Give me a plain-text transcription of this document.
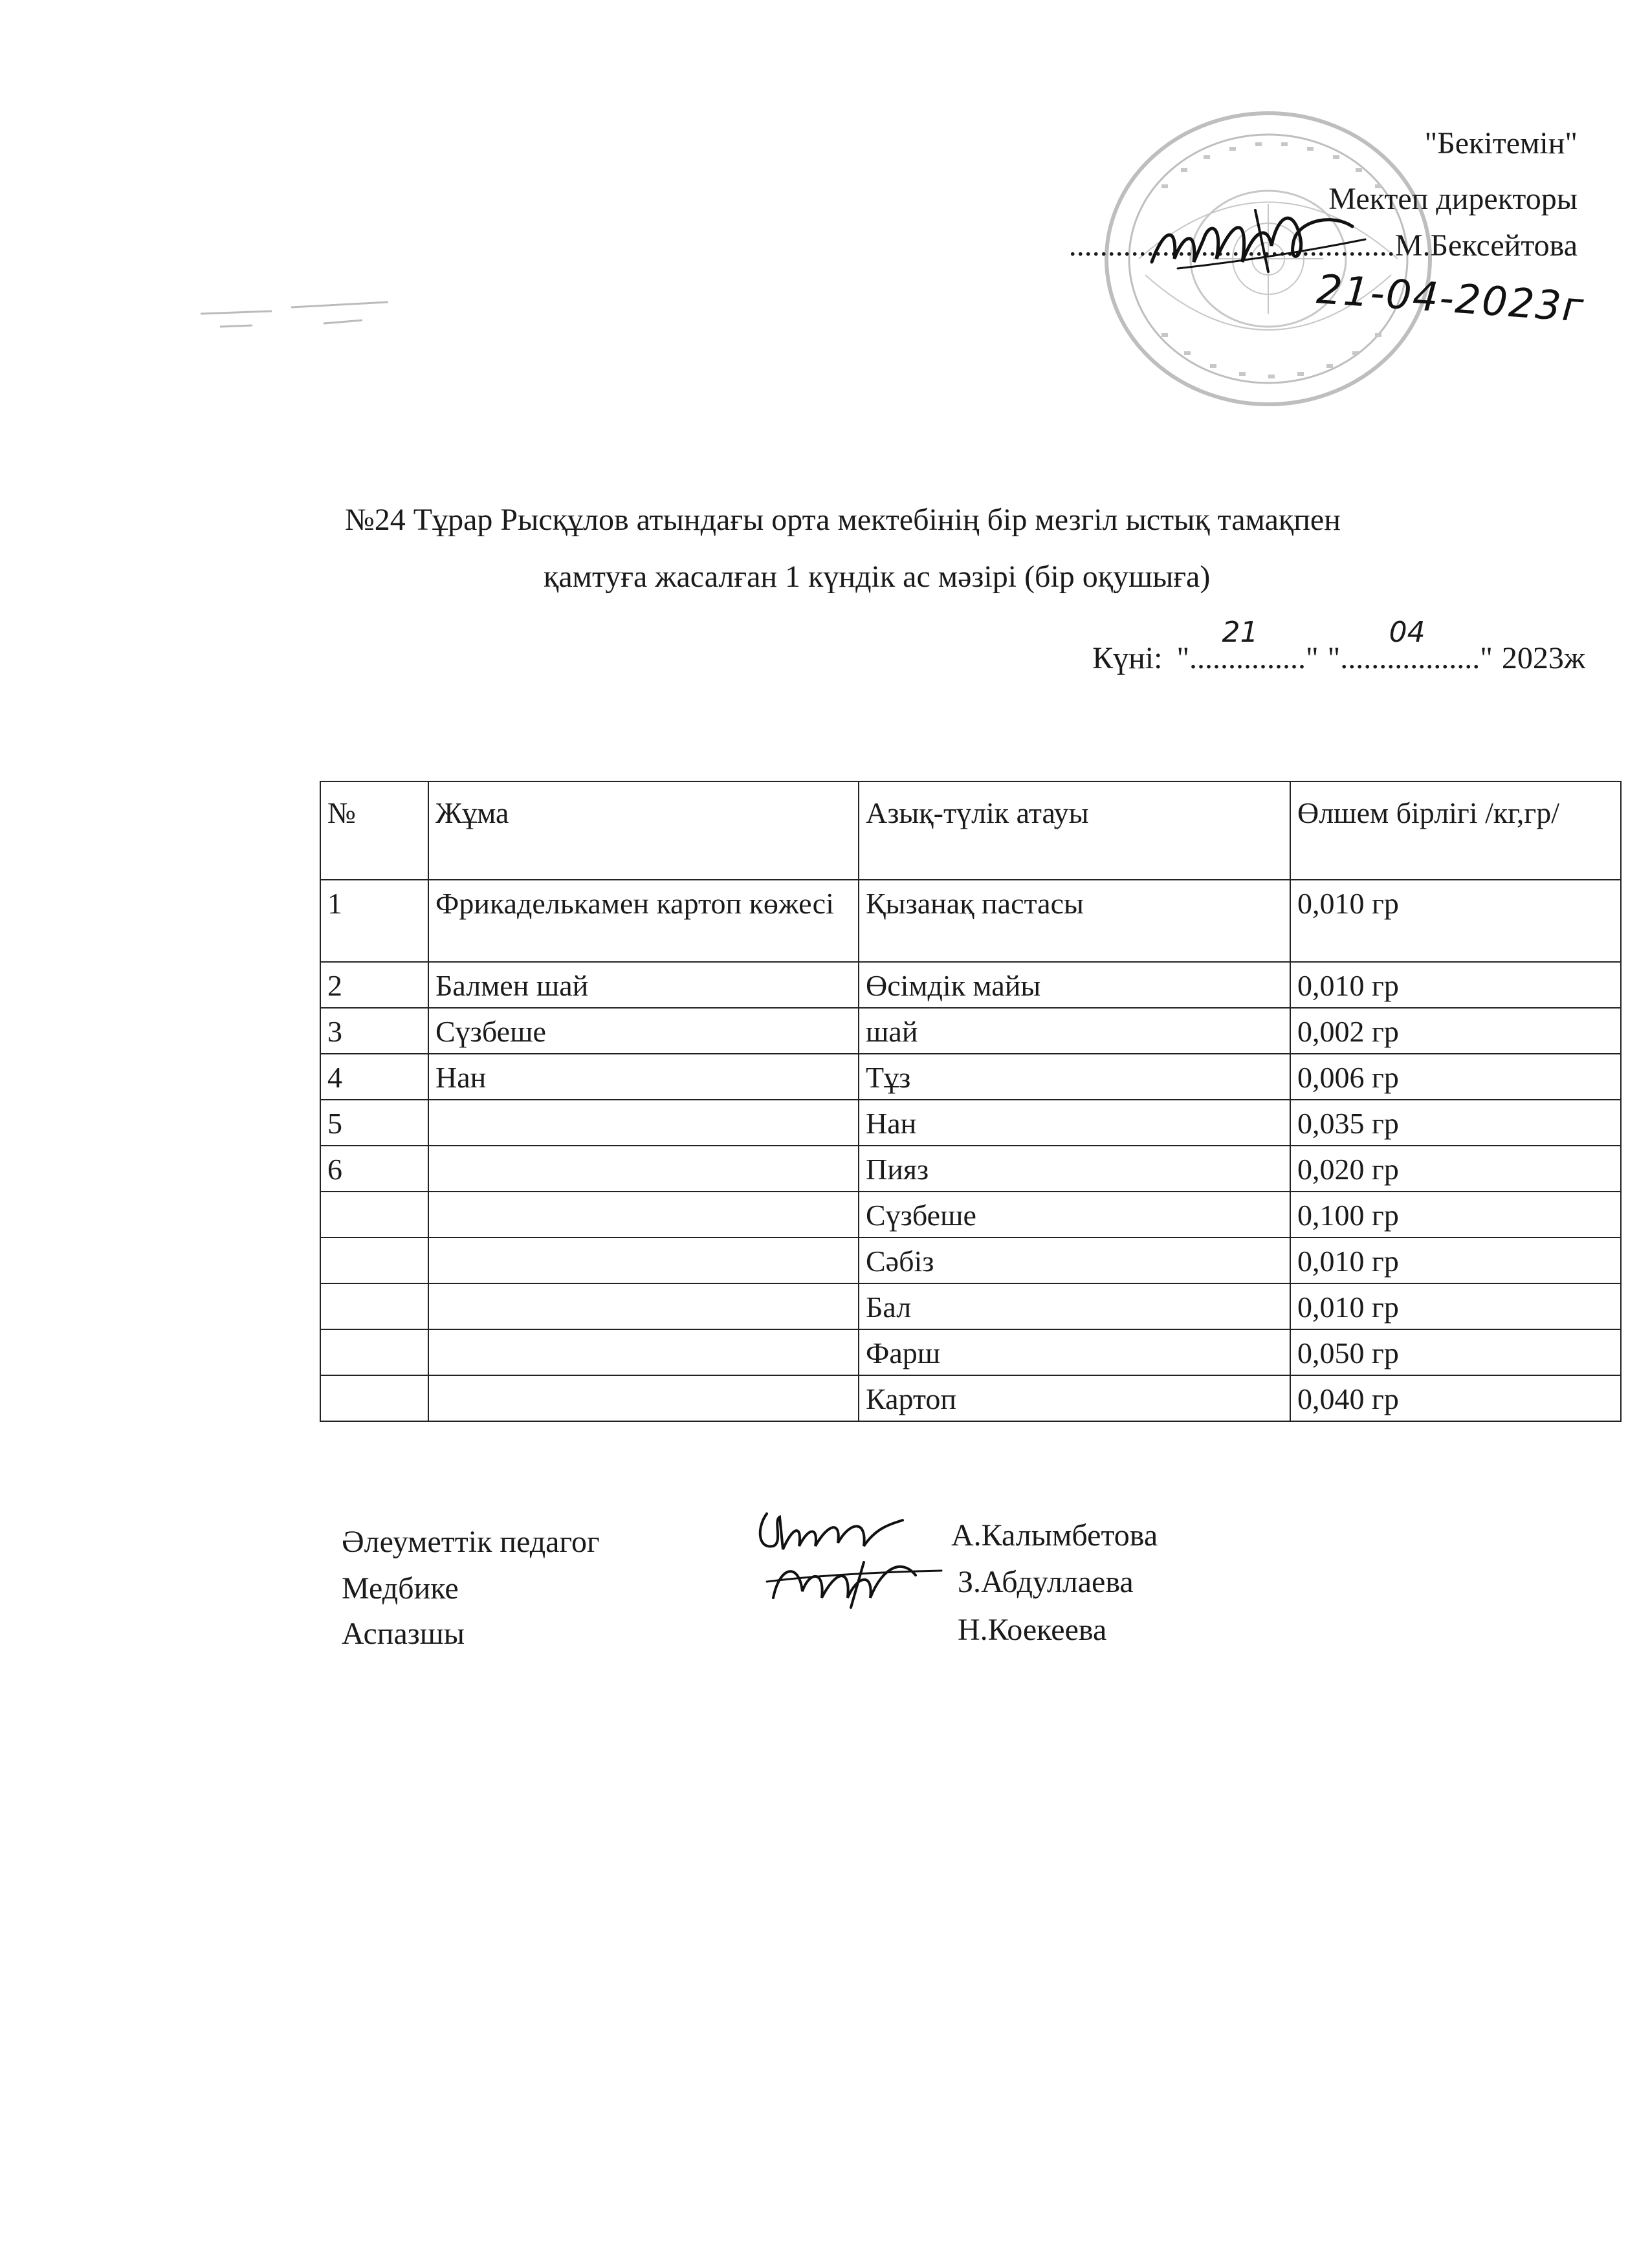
"Бекітемін"
Мектеп директоры
..........................................М.Бексейтова
21-04-2023г
№24 Тұрар Рысқұлов атындағы орта мектебінің бір мезгіл ыстық тамақпен
қамтуға жасалған 1 күндік ас мәзірі (бір оқушыға)
Күні: "..............."
21
".................."
04
2023ж
№	Жұма	Азық-түлік атауы	Өлшем бірлігі /кг,гр/
1	Фрикаделькамен картоп көжесі	Қызанақ пастасы	0,010 гр
2	Балмен шай	Өсімдік майы	0,010 гр
3	Сүзбеше	шай	0,002 гр
4	Нан	Тұз	0,006 гр
5		Нан	0,035 гр
6		Пияз	0,020 гр
		Сүзбеше	0,100 гр
		Сәбіз	0,010 гр
		Бал	0,010 гр
		Фарш	0,050 гр
		Картоп	0,040 гр
Әлеуметтік педагог
Медбике
Аспазшы
А.Калымбетова
З.Абдуллаева
Н.Коекеева
